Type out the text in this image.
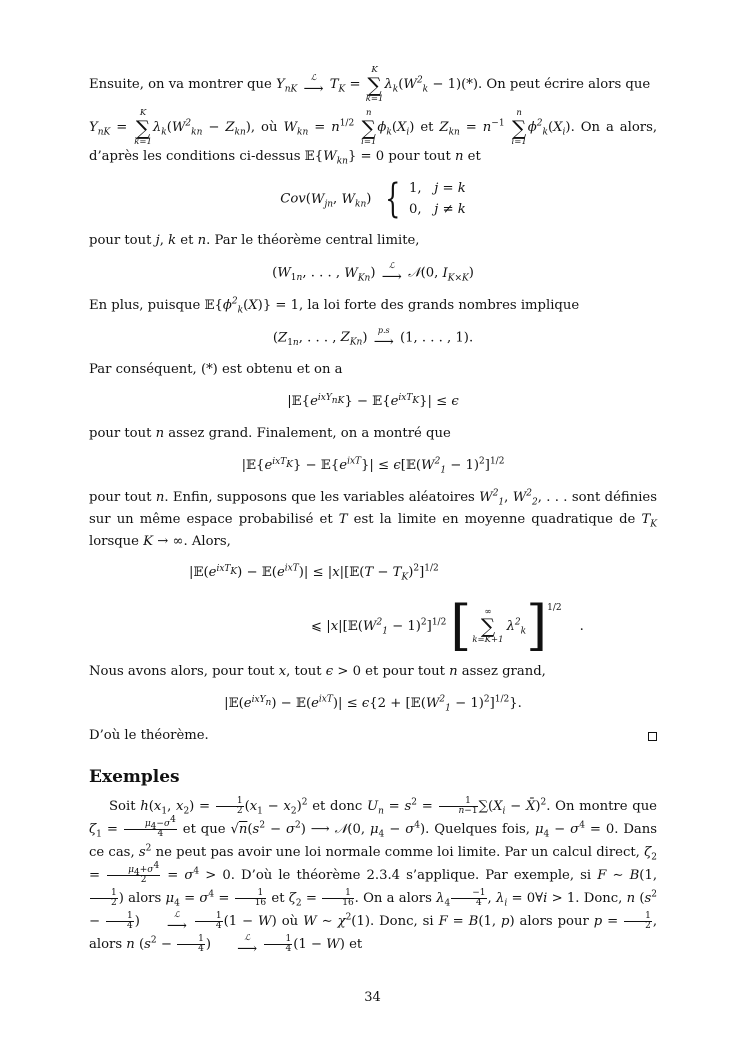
Ensuite, on va montrer que $Y_{nK}$
ℒ
⟶ $T_K$ =
K
∑
k=1
$\lambda_k(W^2_k - 1)(*)$. On peut écrire alors que

$Y_{nK}$ =
K
∑
k=1
$\lambda_k(W^2_{kn} - Z_{kn})$, où $W_{kn} = n^{1/2}$
n
∑
i=1
$\phi_k(X_i)$ et $Z_{kn} = n^{-1}$
n
∑
i=1
$\phi^2_k(X_i)$. On a alors, d’après les conditions ci-dessus $𝔼\{W_{kn}\} = 0$ pour tout n et

$Cov(W_{jn}$, $W_{kn}$) { 1,   j = k
0,   j ≠ k

pour tout j, k et n. Par le théorème central limite,

($W_{1n}$, . . . , $W_{Kn}$) ℒ
⟶ 𝒩(0, $I_{K\times K}$)

En plus, puisque $𝔼\{\phi^2_k(X)\} = 1$, la loi forte des grands nombres implique

($Z_{1n}$, . . . , $Z_{Kn}$) p.s
⟶ (1, . . . , 1).

Par conséquent, (*) est obtenu et on a

$|𝔼\{e^{ixY_{nK}}\}$ − $𝔼\{e^{ixT_K}\}| \le \epsilon$

pour tout n assez grand. Finalement, on a montré que

$|𝔼\{e^{ixT_K}\}$ − $𝔼\{e^{ixT}\}|$ ≤ $\epsilon[𝔼(W^2_1 - 1)^2]^{1/2}$

pour tout n. Enfin, supposons que les variables aléatoires $W^2_1$, $W^2_2$, . . . sont définies sur un même espace probabilisé et T est la limite en moyenne quadratique de $T_K$ lorsque K → ∞. Alors,

$|𝔼(e^{ixT_K})$ − $𝔼(e^{ixT})|$ ≤ |x|[𝔼(T − $T_K)^2]^{1/2}$
⩽ $|x|[𝔼(W^2_1 - 1)^2]^{1/2}$ [ ∞
∑
k=K+1
$\lambda^2_k$ ] 1/2
.

Nous avons alors, pour tout x, tout ϵ > 0 et pour tout n assez grand,

$|𝔼(e^{ixY_n})$ − $𝔼(e^{ixT})| \le \epsilon\{2$ + $[𝔼(W^2_1 - 1)^2]^{1/2}$}.

D’où le théorème.

Exemples

Soit $h(x_1$, $x_2) = \frac{1}{2} (x_1 - x_2)^2$ et donc $U_n = s^2 = \frac{1}{n-1} \sum(X_i$ − X̄)$^2$. On montre que $\zeta_1 = \frac{\mu_4-\sigma^4}{4}$ et que $√n(s^2 - \sigma^2)$ ⟶ 𝒩(0, $\mu_4 - \sigma^4$). Quelques fois, $\mu_4 - \sigma^4 = 0$. Dans ce cas, $s^2$ ne peut pas avoir une loi normale comme loi limite. Par un calcul direct, $\zeta_2 = \frac{\mu_4+\sigma^4}{2} = \sigma^4 > 0$. D’où le théorème 2.3.4 s’applique. Par exemple, si F ∼ B(1,
$\frac{1}{2}$ ) alors $\mu_4 = \sigma^4 = \frac{1}{16}$ et $\zeta_2 = \frac{1}{16}$ . On a alors $\lambda_4 \frac{-1}{4}$ , $\lambda_i$ = 0∀i > 1. Donc, n ($s^2 - \frac{1}{4}$ )	ℒ
⟶
$\frac{1}{4} (1 - W)$ où W ∼ $\chi^2(1)$. Donc, si F = B(1, p) alors pour $p = \frac{1}{2}$ , alors n ($s^2 - \frac{1}{4}$ )	ℒ
⟶
$\frac{1}{4} (1 - W)$ et

34
